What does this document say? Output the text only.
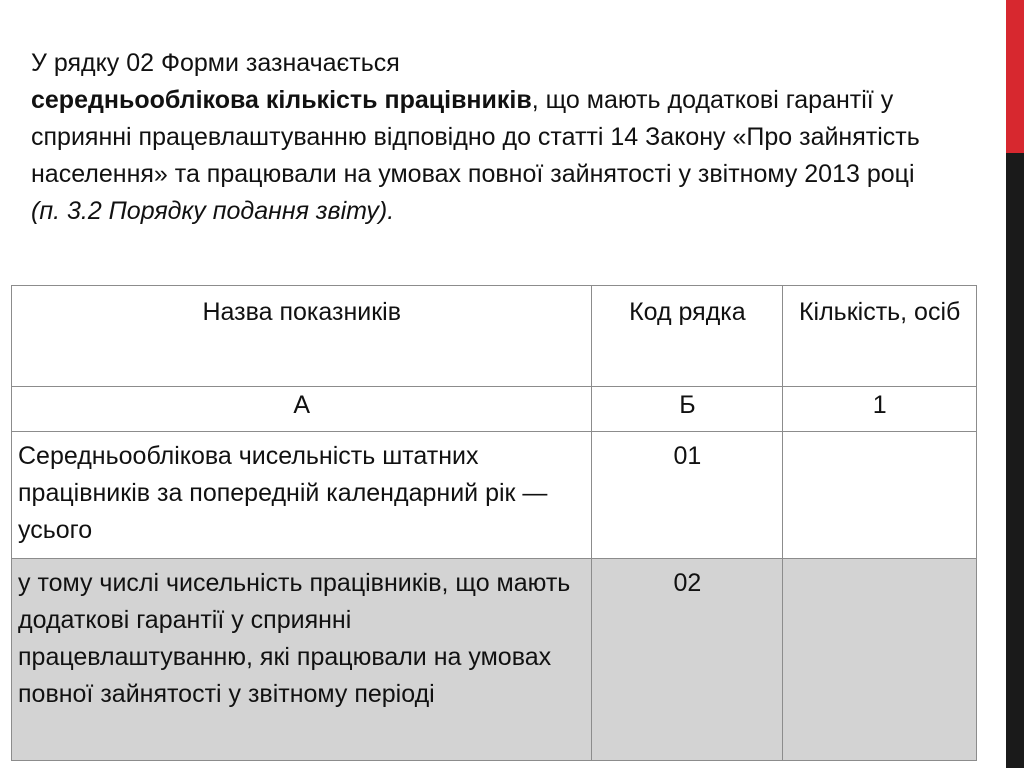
У рядку 02 Форми зазначається

середньооблікова кількість працівників, що мають додаткові гарантії у сприянні працевлаштуванню відповідно до статті 14 Закону «Про зайнятість населення» та працювали на умовах повної зайнятості у звітному 2013 році

(п. 3.2 Порядку подання звіту).

Назва показників	Код рядка	Кількість, осіб
А	Б	1
Середньооблікова чисельність штатних працівників за попередній календарний рік — усього	01	
у тому числі чисельність працівників, що мають додаткові гарантії у сприянні працевлаштуванню, які працювали на умовах повної зайнятості у звітному періоді	02	
